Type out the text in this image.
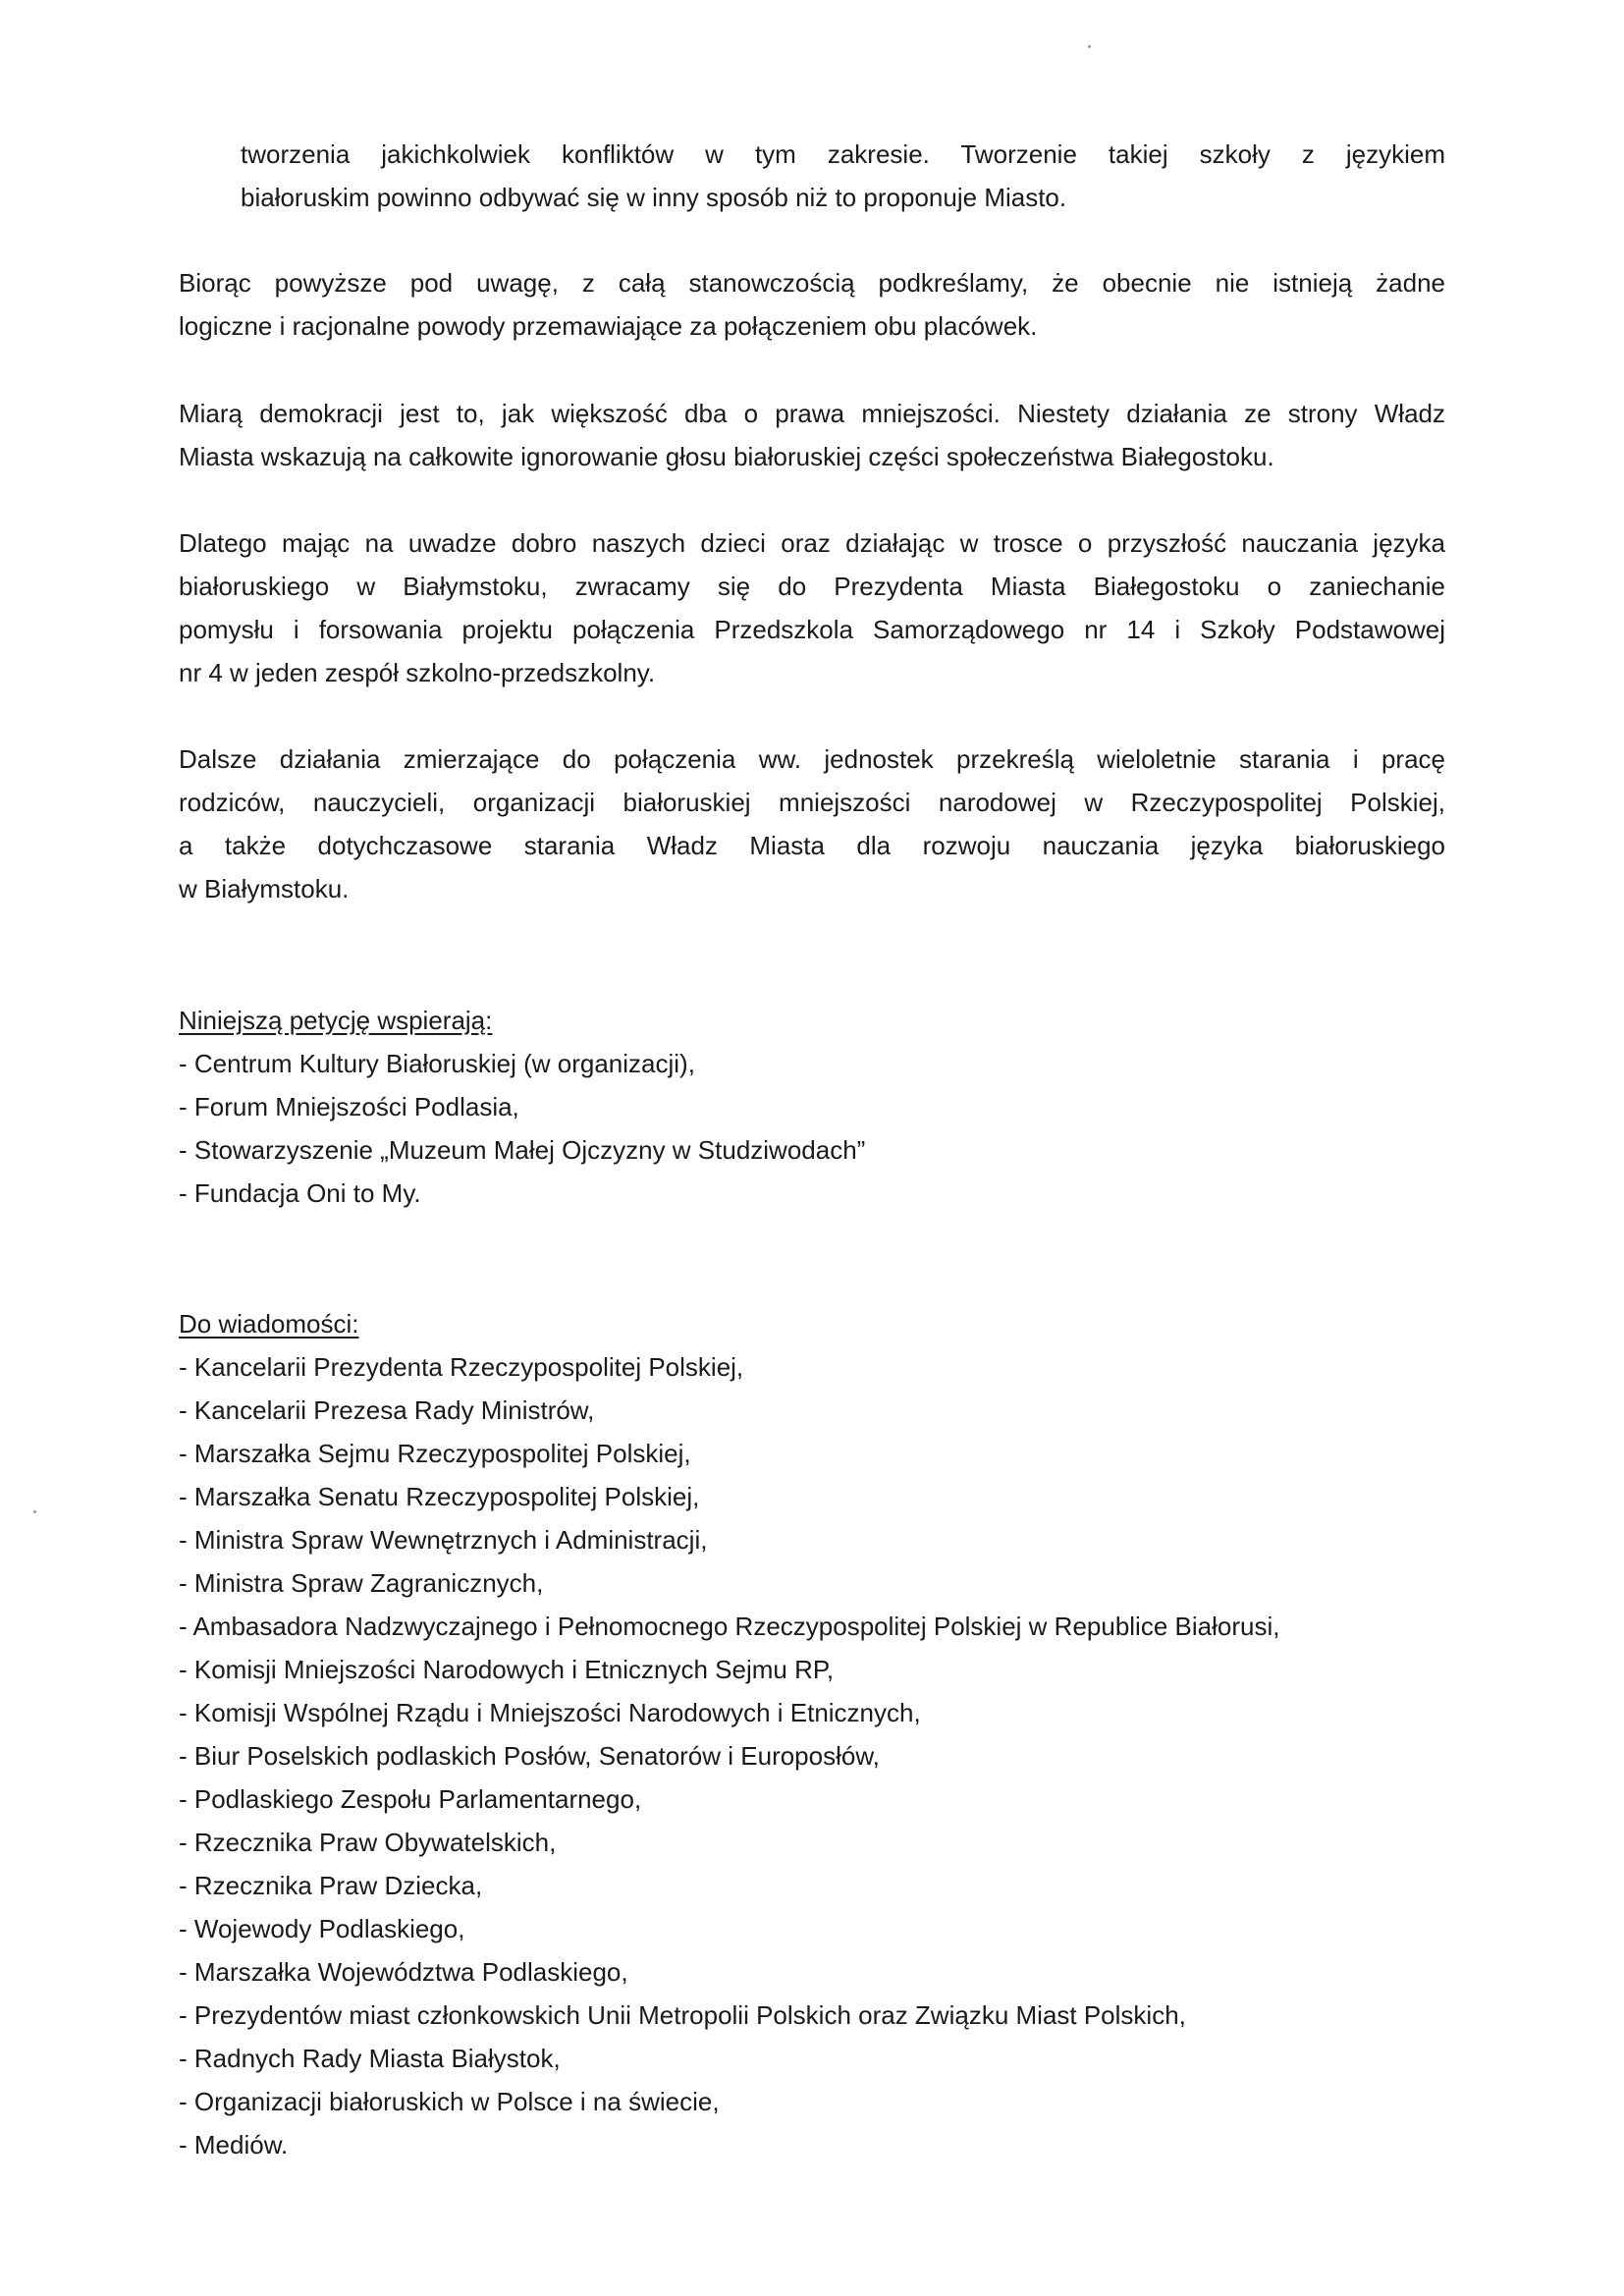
tworzenia jakichkolwiek konfliktów w tym zakresie. Tworzenie takiej szkoły z językiem
białoruskim powinno odbywać się w inny sposób niż to proponuje Miasto.
Biorąc powyższe pod uwagę, z całą stanowczością podkreślamy, że obecnie nie istnieją żadne
logiczne i racjonalne powody przemawiające za połączeniem obu placówek.
Miarą demokracji jest to, jak większość dba o prawa mniejszości. Niestety działania ze strony Władz
Miasta wskazują na całkowite ignorowanie głosu białoruskiej części społeczeństwa Białegostoku.
Dlatego mając na uwadze dobro naszych dzieci oraz działając w trosce o przyszłość nauczania języka
białoruskiego w Białymstoku, zwracamy się do Prezydenta Miasta Białegostoku o zaniechanie
pomysłu i forsowania projektu połączenia Przedszkola Samorządowego nr 14 i Szkoły Podstawowej
nr 4 w jeden zespół szkolno-przedszkolny.
Dalsze działania zmierzające do połączenia ww. jednostek przekreślą wieloletnie starania i pracę
rodziców, nauczycieli, organizacji białoruskiej mniejszości narodowej w Rzeczypospolitej Polskiej,
a także dotychczasowe starania Władz Miasta dla rozwoju nauczania języka białoruskiego
w Białymstoku.
Niniejszą petycję wspierają:
- Centrum Kultury Białoruskiej (w organizacji),
- Forum Mniejszości Podlasia,
- Stowarzyszenie „Muzeum Małej Ojczyzny w Studziwodach”
- Fundacja Oni to My.
Do wiadomości:
- Kancelarii Prezydenta Rzeczypospolitej Polskiej,
- Kancelarii Prezesa Rady Ministrów,
- Marszałka Sejmu Rzeczypospolitej Polskiej,
- Marszałka Senatu Rzeczypospolitej Polskiej,
- Ministra Spraw Wewnętrznych i Administracji,
- Ministra Spraw Zagranicznych,
- Ambasadora Nadzwyczajnego i Pełnomocnego Rzeczypospolitej Polskiej w Republice Białorusi,
- Komisji Mniejszości Narodowych i Etnicznych Sejmu RP,
- Komisji Wspólnej Rządu i Mniejszości Narodowych i Etnicznych,
- Biur Poselskich podlaskich Posłów, Senatorów i Europosłów,
- Podlaskiego Zespołu Parlamentarnego,
- Rzecznika Praw Obywatelskich,
- Rzecznika Praw Dziecka,
- Wojewody Podlaskiego,
- Marszałka Województwa Podlaskiego,
- Prezydentów miast członkowskich Unii Metropolii Polskich oraz Związku Miast Polskich,
- Radnych Rady Miasta Białystok,
- Organizacji białoruskich w Polsce i na świecie,
- Mediów.
